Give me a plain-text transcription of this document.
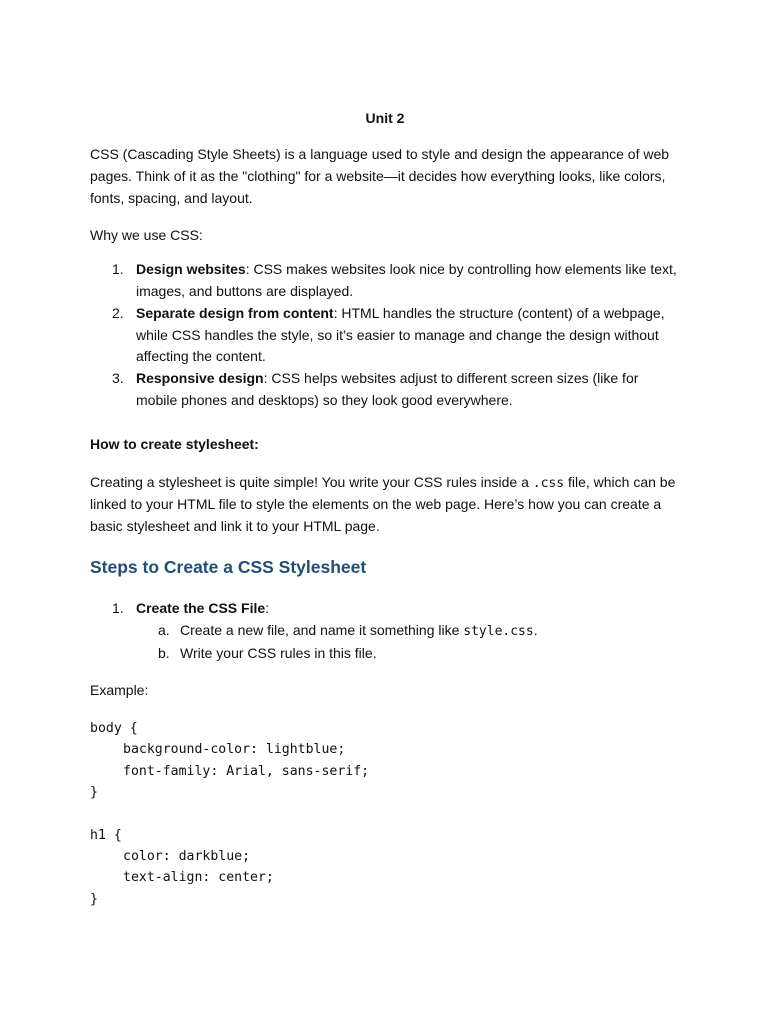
Unit 2

CSS (Cascading Style Sheets) is a language used to style and design the appearance of web pages. Think of it as the "clothing" for a website—it decides how everything looks, like colors, fonts, spacing, and layout.

Why we use CSS:

1. Design websites: CSS makes websites look nice by controlling how elements like text, images, and buttons are displayed.
2. Separate design from content: HTML handles the structure (content) of a webpage, while CSS handles the style, so it’s easier to manage and change the design without affecting the content.
3. Responsive design: CSS helps websites adjust to different screen sizes (like for mobile phones and desktops) so they look good everywhere.

How to create stylesheet:

Creating a stylesheet is quite simple! You write your CSS rules inside a .css file, which can be linked to your HTML file to style the elements on the web page. Here’s how you can create a basic stylesheet and link it to your HTML page.

Steps to Create a CSS Stylesheet
1. Create the CSS File:
a. Create a new file, and name it something like style.css.
b. Write your CSS rules in this file.

Example:

body {
background-color: lightblue;
font-family: Arial, sans-serif;
}
h1 {
color: darkblue;
text-align: center;
}
